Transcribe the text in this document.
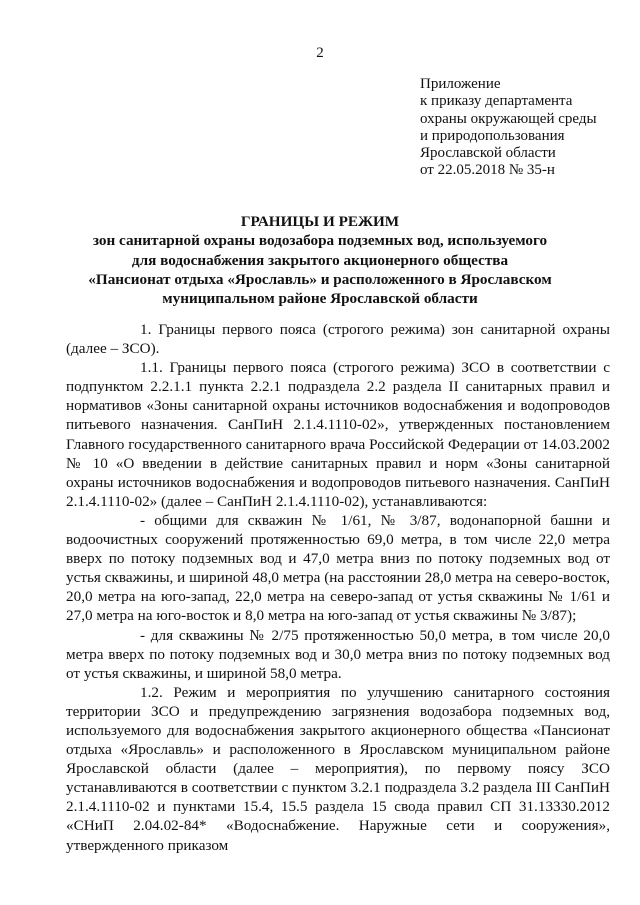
2
Приложение
к приказу департамента
охраны окружающей среды
и природопользования
Ярославской области
от 22.05.2018 № 35-н
ГРАНИЦЫ И РЕЖИМ
зон санитарной охраны водозабора подземных вод, используемого
для водоснабжения закрытого акционерного общества
«Пансионат отдыха «Ярославль» и расположенного в Ярославском
муниципальном районе Ярославской области

1. Границы первого пояса (строгого режима) зон санитарной охраны (далее – ЗСО).

1.1. Границы первого пояса (строгого режима) ЗСО в соответствии с подпунктом 2.2.1.1 пункта 2.2.1 подраздела 2.2 раздела II санитарных правил и нормативов «Зоны санитарной охраны источников водоснабжения и водопроводов питьевого назначения. СанПиН 2.1.4.1110-02», утвержденных постановлением Главного государственного санитарного врача Российской Федерации от 14.03.2002 № 10 «О введении в действие санитарных правил и норм «Зоны санитарной охраны источников водоснабжения и водопроводов питьевого назначения. СанПиН 2.1.4.1110-02» (далее – СанПиН 2.1.4.1110-02), устанавливаются:

- общими для скважин № 1/61, № 3/87, водонапорной башни и водоочистных сооружений протяженностью 69,0 метра, в том числе 22,0 метра вверх по потоку подземных вод и 47,0 метра вниз по потоку подземных вод от устья скважины, и шириной 48,0 метра (на расстоянии 28,0 метра на северо-восток, 20,0 метра на юго-запад, 22,0 метра на северо-запад от устья скважины № 1/61 и 27,0 метра на юго-восток и 8,0 метра на юго-запад от устья скважины № 3/87);

- для скважины № 2/75 протяженностью 50,0 метра, в том числе 20,0 метра вверх по потоку подземных вод и 30,0 метра вниз по потоку подземных вод от устья скважины, и шириной 58,0 метра.

1.2. Режим и мероприятия по улучшению санитарного состояния территории ЗСО и предупреждению загрязнения водозабора подземных вод, используемого для водоснабжения закрытого акционерного общества «Пансионат отдыха «Ярославль» и расположенного в Ярославском муниципальном районе Ярославской области (далее – мероприятия), по первому поясу ЗСО устанавливаются в соответствии с пунктом 3.2.1 подраздела 3.2 раздела III СанПиН 2.1.4.1110-02 и пунктами 15.4, 15.5 раздела 15 свода правил СП 31.13330.2012 «СНиП 2.04.02-84* «Водоснабжение. Наружные сети и сооружения», утвержденного приказом
